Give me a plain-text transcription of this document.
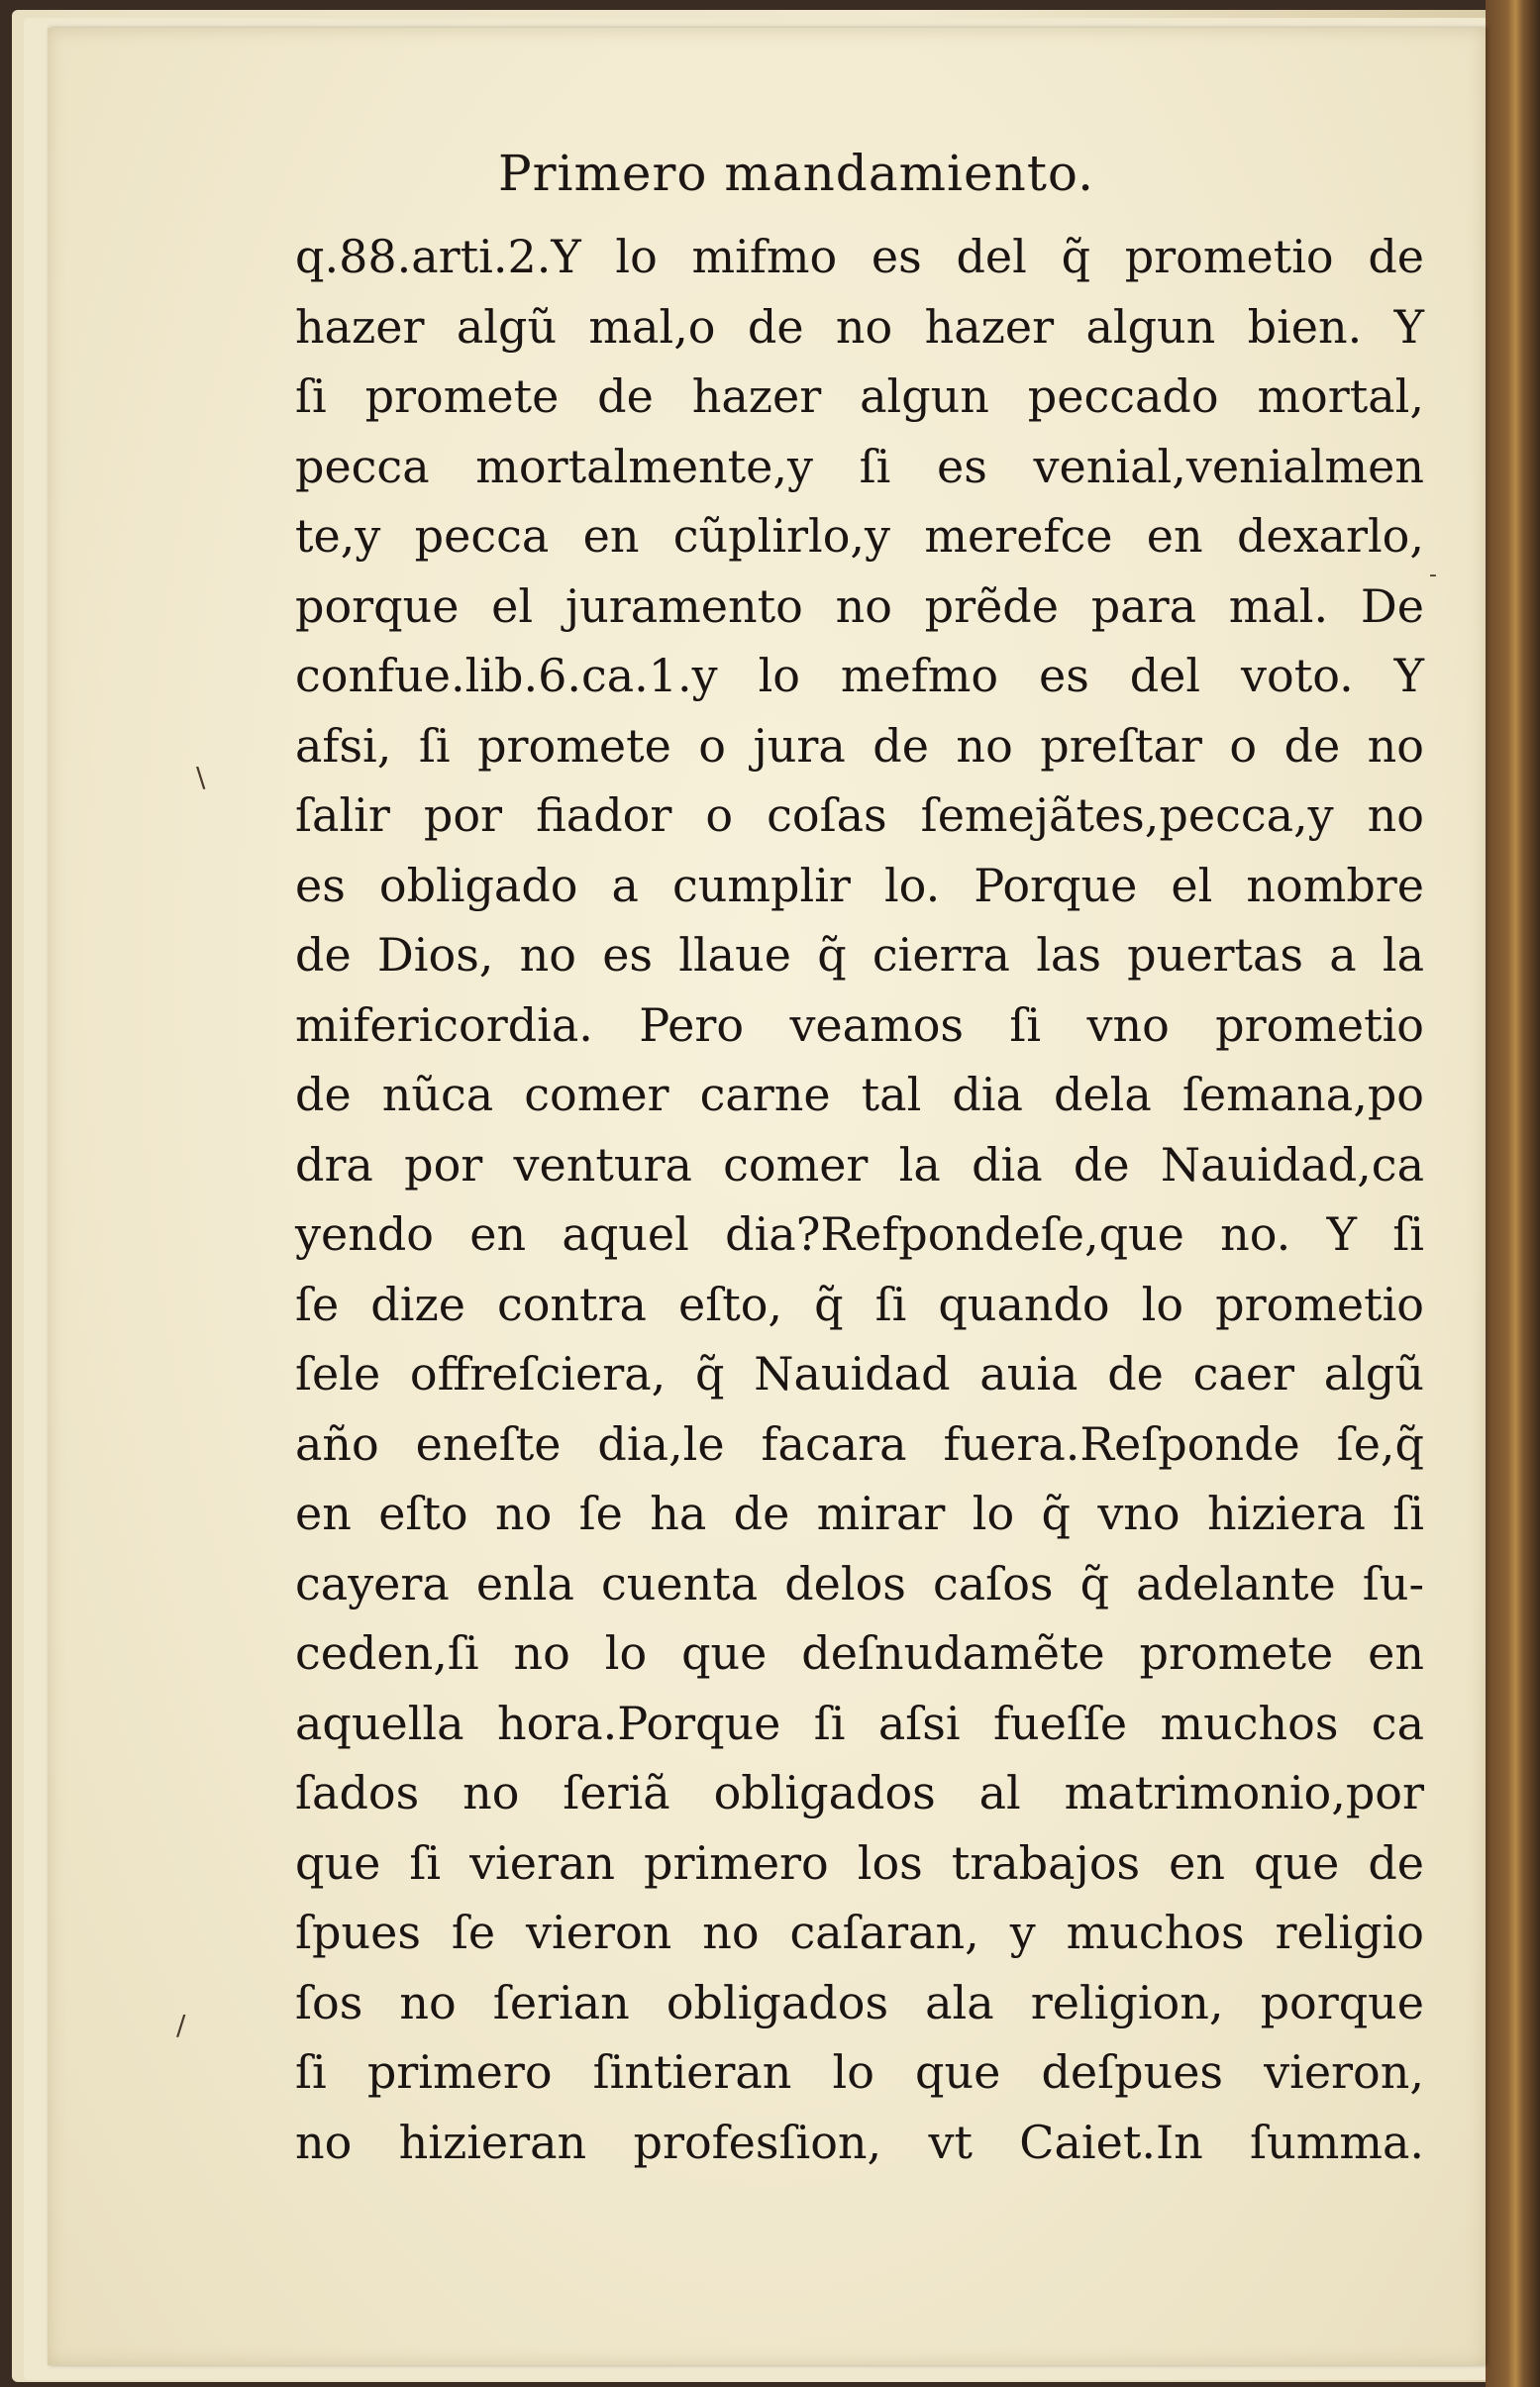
Primero mandamiento.
q.88.arti.2.Y lo mifmo es del q̃ prometio de
hazer algũ mal,o de no hazer algun bien. Y
ſi promete de hazer algun peccado mortal,
pecca mortalmente,y ſi es venial,venialmen
te,y pecca en cũplirlo,y merefce en dexarlo,
porque el juramento no prẽde para mal. De
confue.lib.6.ca.1.y lo mefmo es del voto. Y
afsi, ſi promete o jura de no preſtar o de no
ſalir por fiador o coſas ſemejãtes,pecca,y no
es obligado a cumplir lo. Porque el nombre
de Dios, no es llaue q̃ cierra las puertas a la
mifericordia. Pero veamos ſi vno prometio
de nũca comer carne tal dia dela ſemana,po
dra por ventura comer la dia de Nauidad,ca
yendo en aquel dia?Refpondeſe,que no. Y ſi
ſe dize contra eſto, q̃ ſi quando lo prometio
ſele offreſciera, q̃ Nauidad auia de caer algũ
año eneſte dia,le facara fuera.Reſponde ſe,q̃
en eſto no ſe ha de mirar lo q̃ vno hiziera ſi
cayera enla cuenta delos caſos q̃ adelante ſu-
ceden,ſi no lo que deſnudamẽte promete en
aquella hora.Porque ſi aſsi fueſſe muchos ca
ſados no ſeriã obligados al matrimonio,por
que ſi vieran primero los trabajos en que de
ſpues ſe vieron no caſaran, y muchos religio
ſos no ſerian obligados ala religion, porque
ſi primero ſintieran lo que deſpues vieron,
no hizieran profesſion, vt Caiet.In ſumma.
\
/
-
